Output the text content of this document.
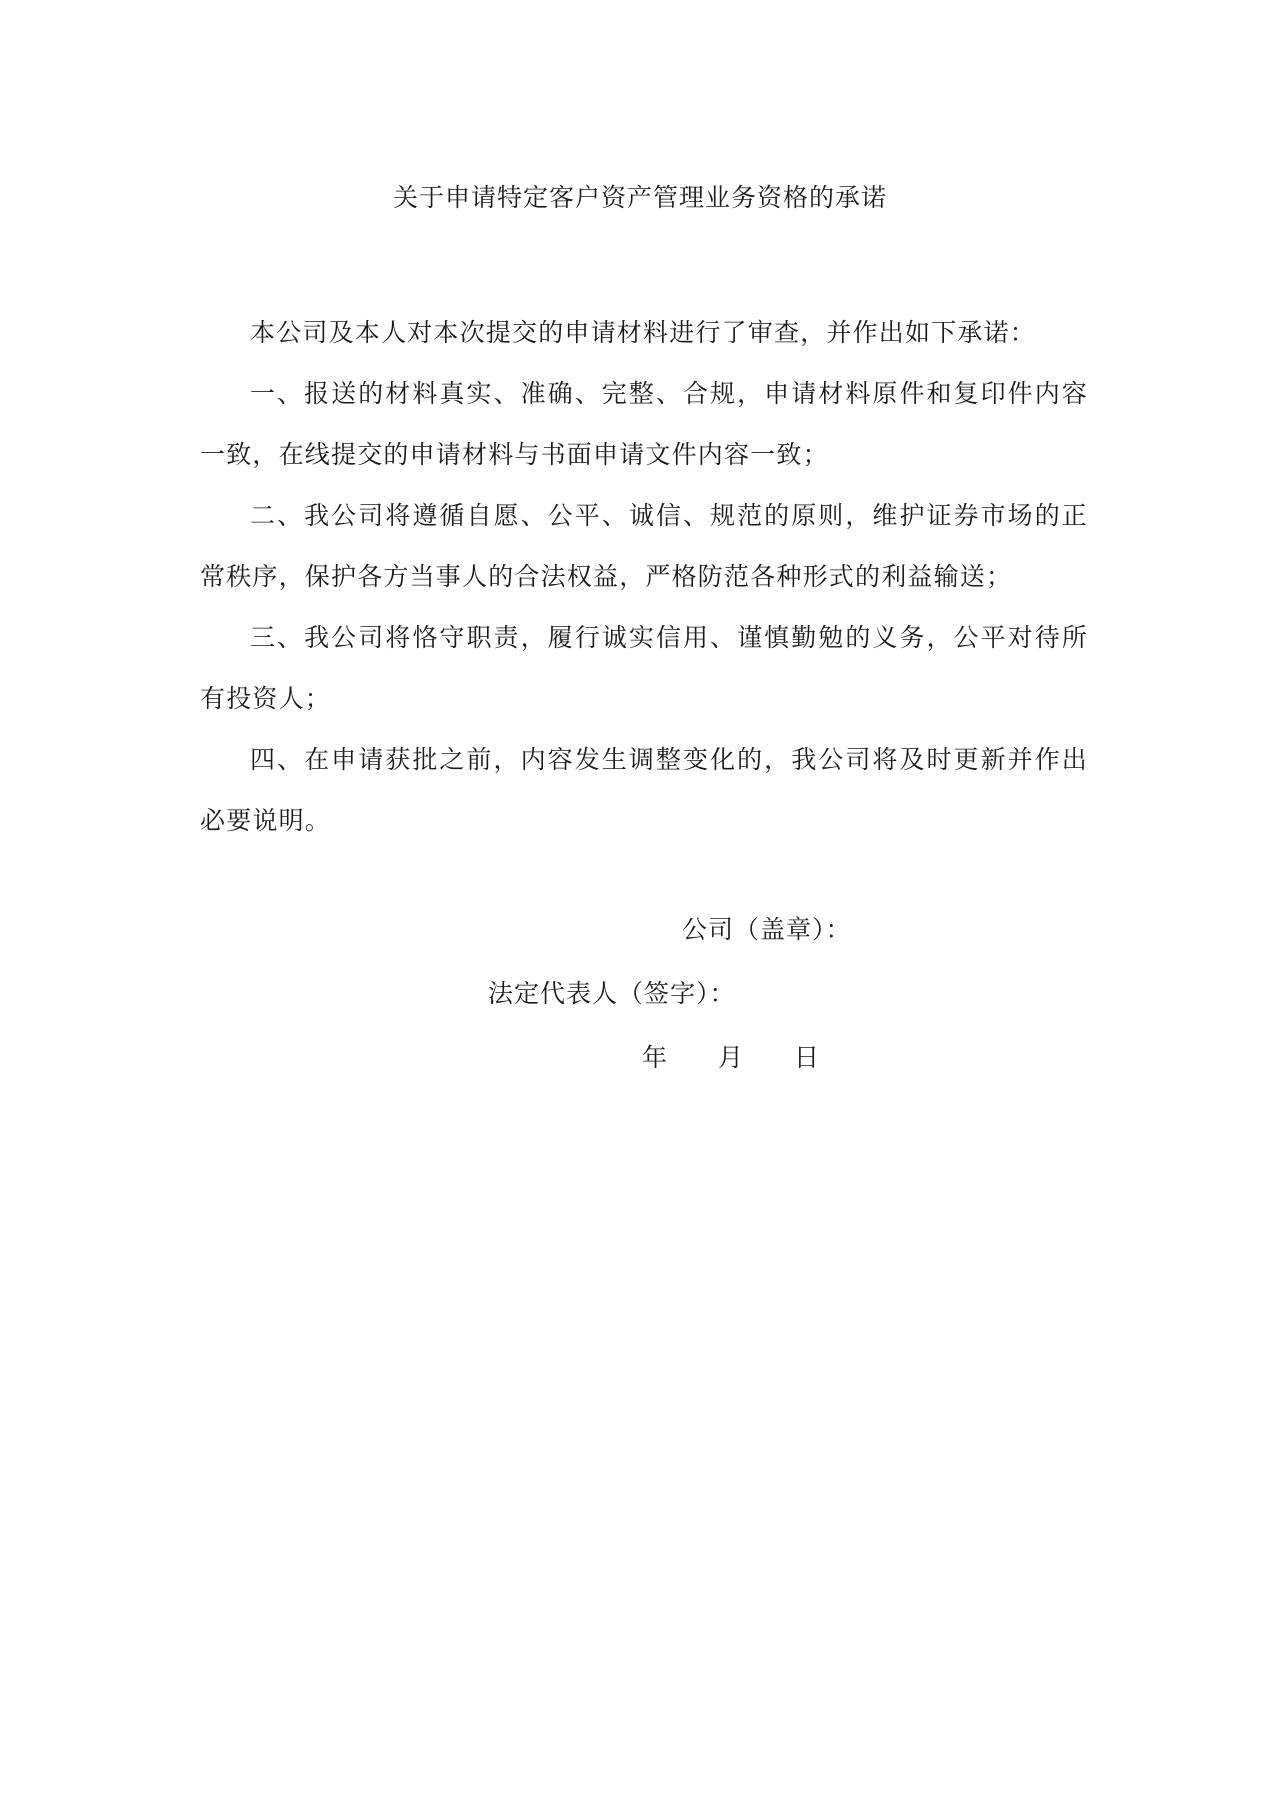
关于申请特定客户资产管理业务资格的承诺

本公司及本人对本次提交的申请材料进行了审查，并作出如下承诺：

一、报送的材料真实、准确、完整、合规，申请材料原件和复印件内容一致，在线提交的申请材料与书面申请文件内容一致；

二、我公司将遵循自愿、公平、诚信、规范的原则，维护证券市场的正常秩序，保护各方当事人的合法权益，严格防范各种形式的利益输送；

三、我公司将恪守职责，履行诚实信用、谨慎勤勉的义务，公平对待所有投资人；

四、在申请获批之前，内容发生调整变化的，我公司将及时更新并作出必要说明。

公司（盖章）：
法定代表人（签字）：
年 月 日
